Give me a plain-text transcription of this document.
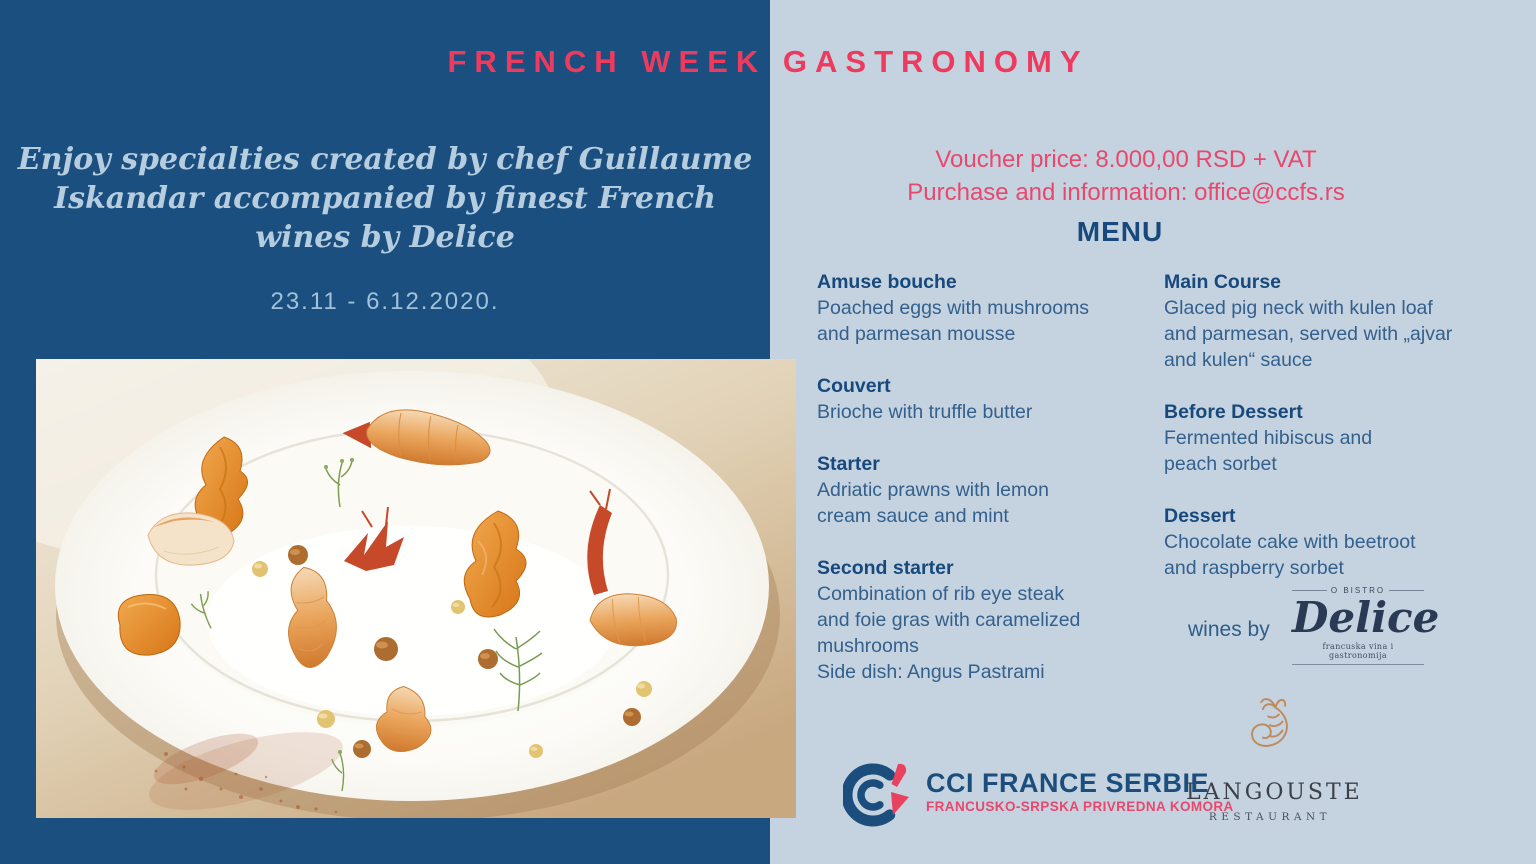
FRENCH WEEK GASTRONOMY
Enjoy specialties created by chef Guillaume
Iskandar accompanied by finest French
wines by Delice
23.11 - 6.12.2020.
Voucher price: 8.000,00 RSD + VAT
Purchase and information: office@ccfs.rs
MENU
Amuse bouche
Poached eggs with mushrooms
and parmesan mousse
Couvert
Brioche with truffle butter
Starter
Adriatic prawns with lemon
cream sauce and mint
Second starter
Combination of rib eye steak
and foie gras with caramelized
mushrooms
Side dish: Angus Pastrami
Main Course
Glaced pig neck with kulen loaf
and parmesan, served with „ajvar
and kulen“ sauce
Before Dessert
Fermented hibiscus and
peach sorbet
Dessert
Chocolate cake with beetroot
and raspberry sorbet
wines by
O BISTRO
Delice
francuska vina i gastronomija
CCI FRANCE SERBIE
FRANCUSKO-SRPSKA PRIVREDNA KOMORA
LANGOUSTE
RESTAURANT
